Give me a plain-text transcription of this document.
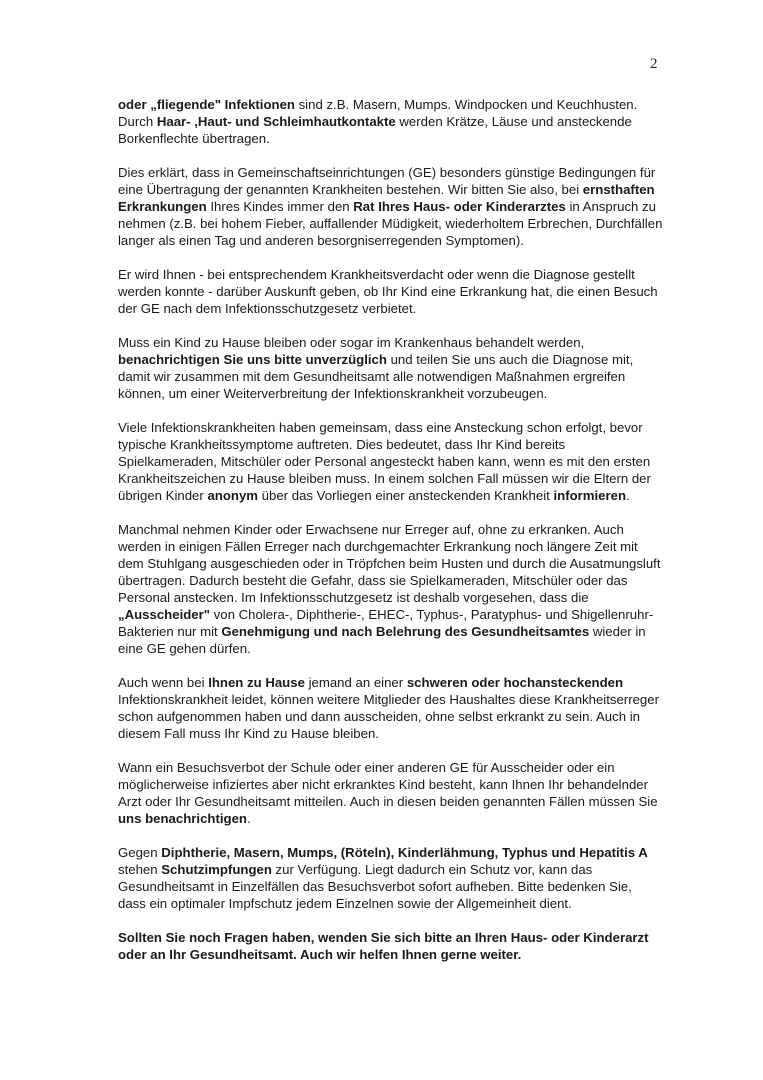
2

oder „fliegende" Infektionen sind z.B. Masern, Mumps. Windpocken und Keuchhusten. Durch Haar- ,Haut- und Schleimhautkontakte werden Krätze, Läuse und ansteckende Borkenflechte übertragen.

Dies erklärt, dass in Gemeinschaftseinrichtungen (GE) besonders günstige Bedingungen für eine Übertragung der genannten Krankheiten bestehen. Wir bitten Sie also, bei ernsthaften Erkrankungen Ihres Kindes immer den Rat Ihres Haus- oder Kinderarztes in Anspruch zu nehmen (z.B. bei hohem Fieber, auffallender Müdigkeit, wiederholtem Erbrechen, Durchfällen langer als einen Tag und anderen besorgniserregenden Symptomen).

Er wird Ihnen - bei entsprechendem Krankheitsverdacht oder wenn die Diagnose gestellt werden konnte - darüber Auskunft geben, ob Ihr Kind eine Erkrankung hat, die einen Besuch der GE nach dem Infektionsschutzgesetz verbietet.

Muss ein Kind zu Hause bleiben oder sogar im Krankenhaus behandelt werden, benachrichtigen Sie uns bitte unverzüglich und teilen Sie uns auch die Diagnose mit, damit wir zusammen mit dem Gesundheitsamt alle notwendigen Maßnahmen ergreifen können, um einer Weiterverbreitung der Infektionskrankheit vorzubeugen.

Viele Infektionskrankheiten haben gemeinsam, dass eine Ansteckung schon erfolgt, bevor typische Krankheitssymptome auftreten. Dies bedeutet, dass Ihr Kind bereits Spielkameraden, Mitschüler oder Personal angesteckt haben kann, wenn es mit den ersten Krankheitszeichen zu Hause bleiben muss. In einem solchen Fall müssen wir die Eltern der übrigen Kinder anonym über das Vorliegen einer ansteckenden Krankheit informieren.

Manchmal nehmen Kinder oder Erwachsene nur Erreger auf, ohne zu erkranken. Auch werden in einigen Fällen Erreger nach durchgemachter Erkrankung noch längere Zeit mit dem Stuhlgang ausgeschieden oder in Tröpfchen beim Husten und durch die Ausatmungsluft übertragen. Dadurch besteht die Gefahr, dass sie Spielkameraden, Mitschüler oder das Personal anstecken. Im Infektionsschutzgesetz ist deshalb vorgesehen, dass die „Ausscheider" von Cholera-, Diphtherie-, EHEC-, Typhus-, Paratyphus- und Shigellenruhr-Bakterien nur mit Genehmigung und nach Belehrung des Gesundheitsamtes wieder in eine GE gehen dürfen.

Auch wenn bei Ihnen zu Hause jemand an einer schweren oder hochansteckenden Infektionskrankheit leidet, können weitere Mitglieder des Haushaltes diese Krankheitserreger schon aufgenommen haben und dann ausscheiden, ohne selbst erkrankt zu sein. Auch in diesem Fall muss Ihr Kind zu Hause bleiben.

Wann ein Besuchsverbot der Schule oder einer anderen GE für Ausscheider oder ein möglicherweise infiziertes aber nicht erkranktes Kind besteht, kann Ihnen Ihr behandelnder Arzt oder Ihr Gesundheitsamt mitteilen. Auch in diesen beiden genannten Fällen müssen Sie uns benachrichtigen.

Gegen Diphtherie, Masern, Mumps, (Röteln), Kinderlähmung, Typhus und Hepatitis A stehen Schutzimpfungen zur Verfügung. Liegt dadurch ein Schutz vor, kann das Gesundheitsamt in Einzelfällen das Besuchsverbot sofort aufheben. Bitte bedenken Sie, dass ein optimaler Impfschutz jedem Einzelnen sowie der Allgemeinheit dient.

Sollten Sie noch Fragen haben, wenden Sie sich bitte an Ihren Haus- oder Kinderarzt oder an Ihr Gesundheitsamt. Auch wir helfen Ihnen gerne weiter.
